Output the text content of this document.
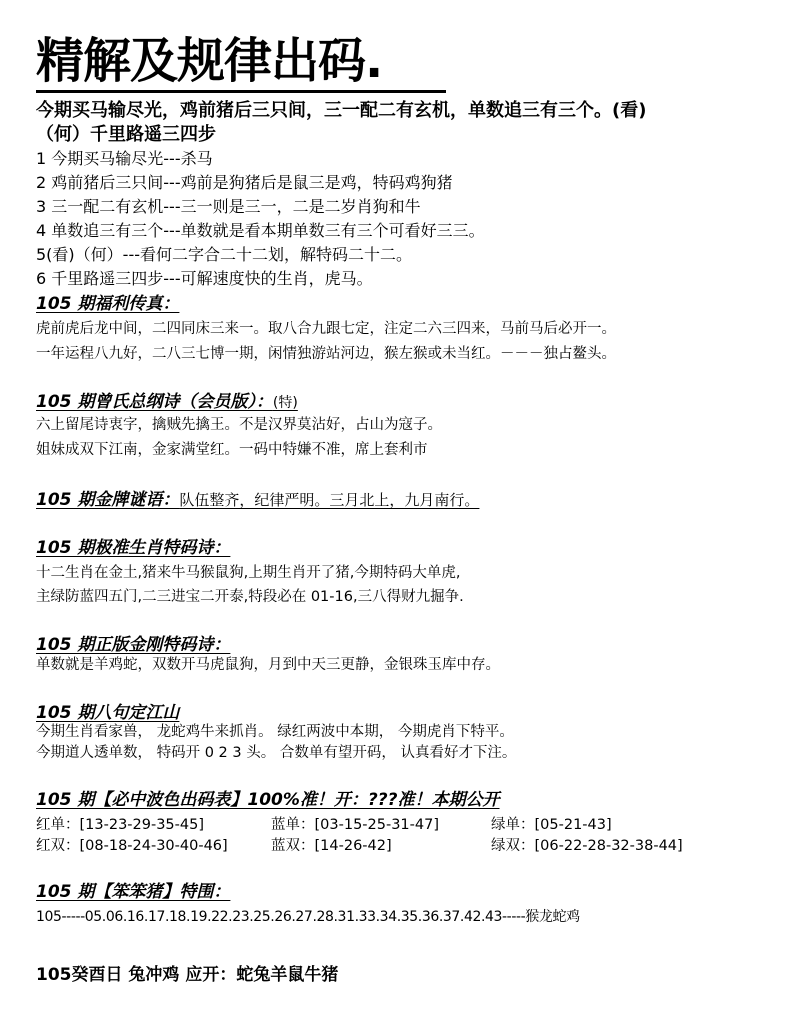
精解及规律出码.
今期买马输尽光，鸡前猪后三只间，三一配二有玄机，单数追三有三个。(看)
（何）千里路遥三四步
1 今期买马输尽光---杀马
2 鸡前猪后三只间---鸡前是狗猪后是鼠三是鸡，特码鸡狗猪
3 三一配二有玄机---三一则是三一，二是二岁肖狗和牛
4 单数追三有三个---单数就是看本期单数三有三个可看好三三。
5(看)（何）---看何二字合二十二划，解特码二十二。
6 千里路遥三四步---可解速度快的生肖，虎马。
105 期福利传真：
虎前虎后龙中间，二四同床三来一。取八合九跟七定，注定二六三四来，马前马后必开一。
一年运程八九好，二八三七博一期，闲情独游站河边，猴左猴或未当红。－－－独占鳌头。
105 期曾氏总纲诗（会员版）：(特)
六上留尾诗衷字，擒贼先擒王。不是汉界莫沾好，占山为寇子。
姐妹成双下江南，金家满堂红。一码中特嫌不准，席上套利市
105 期金牌谜语：队伍整齐，纪律严明。三月北上，九月南行。
105 期极准生肖特码诗：
十二生肖在金土,猪来牛马猴鼠狗,上期生肖开了猪,今期特码大单虎,
主绿防蓝四五门,二三进宝二开泰,特段必在 01-16,三八得财九掘争.
105 期正版金刚特码诗：
单数就是羊鸡蛇，双数开马虎鼠狗，月到中天三更静，金银珠玉库中存。
105 期八句定江山
今期生肖看家兽， 龙蛇鸡牛来抓肖。 绿红两波中本期， 今期虎肖下特平。
今期道人透单数， 特码开 0 2 3 头。 合数单有望开码， 认真看好才下注。
105 期【必中波色出码表】100%准！开：???准！本期公开
红单：[13-23-29-35-45]	蓝单：[03-15-25-31-47]	绿单：[05-21-43]
红双：[08-18-24-30-40-46]	蓝双：[14-26-42]	绿双：[06-22-28-32-38-44]
105 期【笨笨猪】特围：
105-----05.06.16.17.18.19.22.23.25.26.27.28.31.33.34.35.36.37.42.43-----猴龙蛇鸡
105癸酉日 兔冲鸡 应开：蛇兔羊鼠牛猪
